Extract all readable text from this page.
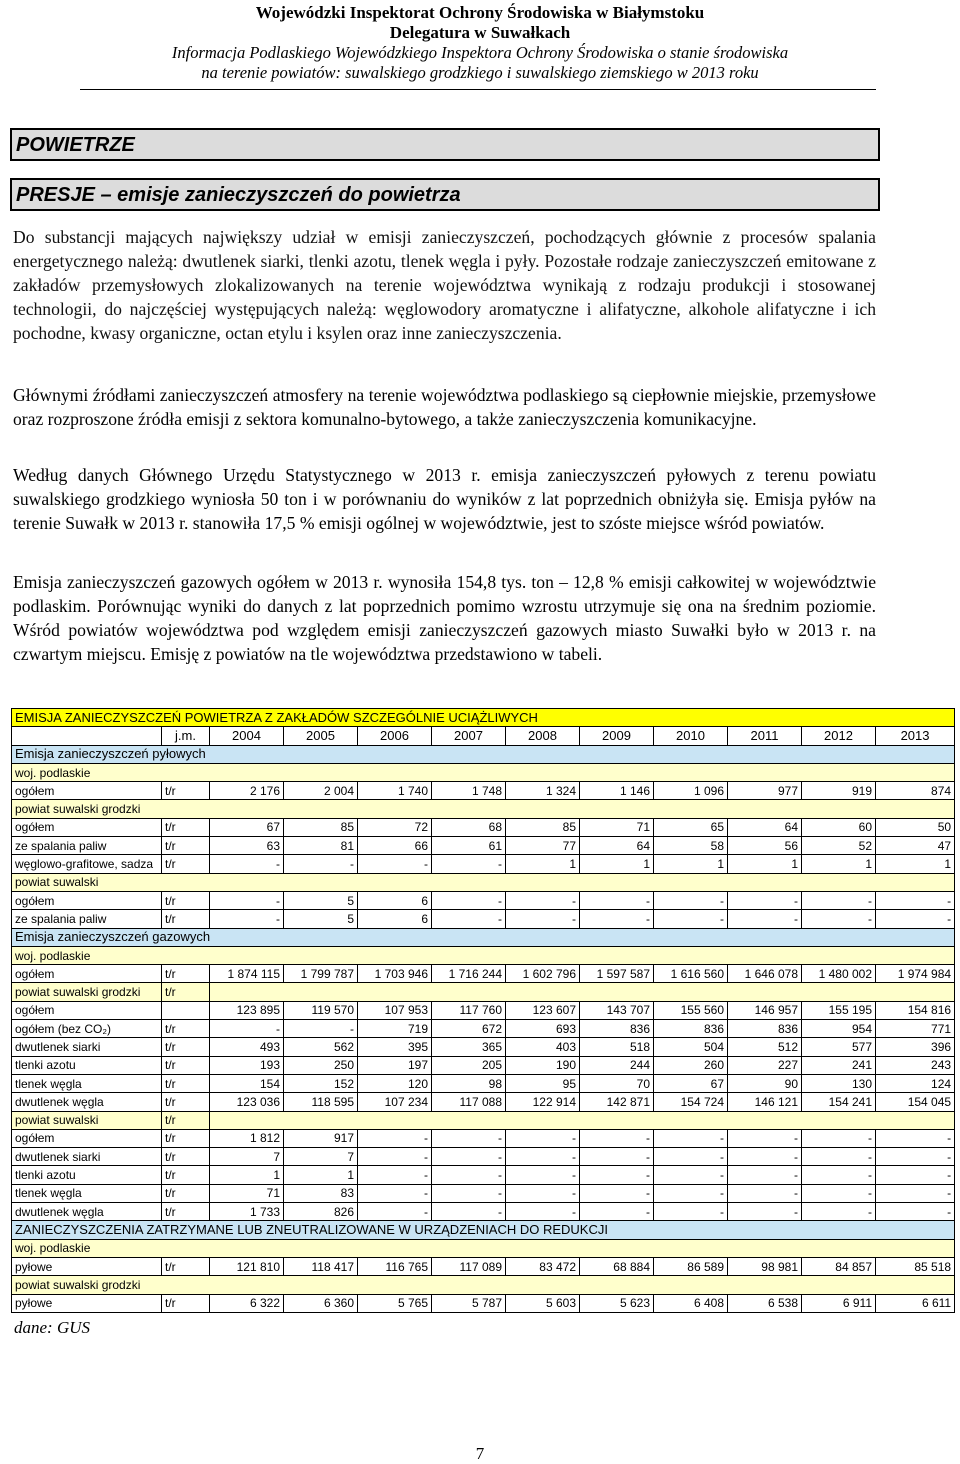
Wojewódzki Inspektorat Ochrony Środowiska w Białymstoku
Delegatura w Suwałkach
Informacja Podlaskiego Wojewódzkiego Inspektora Ochrony Środowiska o stanie środowiska
na terenie powiatów: suwalskiego grodzkiego i suwalskiego ziemskiego w 2013 roku
POWIETRZE
PRESJE – emisje zanieczyszczeń do powietrza

Do substancji mających największy udział w emisji zanieczyszczeń, pochodzących głównie z procesów spalania energetycznego należą: dwutlenek siarki, tlenki azotu, tlenek węgla i pyły. Pozostałe rodzaje zanieczyszczeń emitowane z zakładów przemysłowych zlokalizowanych na terenie województwa wynikają z rodzaju produkcji i stosowanej technologii, do najczęściej występujących należą: węglowodory aromatyczne i alifatyczne, alkohole alifatyczne i ich pochodne, kwasy organiczne, octan etylu i ksylen oraz inne zanieczyszczenia.

Głównymi źródłami zanieczyszczeń atmosfery na terenie województwa podlaskiego są ciepłownie miejskie, przemysłowe oraz rozproszone źródła emisji z sektora komunalno-bytowego, a także zanieczyszczenia komunikacyjne.

Według danych Głównego Urzędu Statystycznego w 2013 r. emisja zanieczyszczeń pyłowych z terenu powiatu suwalskiego grodzkiego wyniosła 50 ton i w porównaniu do wyników z lat poprzednich obniżyła się. Emisja pyłów na terenie Suwałk w 2013 r. stanowiła 17,5 % emisji ogólnej w województwie, jest to szóste miejsce wśród powiatów.

Emisja zanieczyszczeń gazowych ogółem w 2013 r. wynosiła 154,8 tys. ton – 12,8 % emisji całkowitej w województwie podlaskim. Porównując wyniki do danych z lat poprzednich pomimo wzrostu utrzymuje się ona na średnim poziomie. Wśród powiatów województwa pod względem emisji zanieczyszczeń gazowych miasto Suwałki było w 2013 r. na czwartym miejscu. Emisję z powiatów na tle województwa przedstawiono w tabeli.

EMISJA ZANIECZYSZCZEŃ POWIETRZA Z ZAKŁADÓW SZCZEGÓLNIE UCIĄŻLIWYCH											
	j.m.	2004	2005	2006	2007	2008	2009	2010	2011	2012	2013
Emisja zanieczyszczeń pyłowych											
woj. podlaskie											
ogółem	t/r	2 176	2 004	1 740	1 748	1 324	1 146	1 096	977	919	874
powiat suwalski grodzki											
ogółem	t/r	67	85	72	68	85	71	65	64	60	50
ze spalania paliw	t/r	63	81	66	61	77	64	58	56	52	47
węglowo-grafitowe, sadza	t/r	-	-	-	-	1	1	1	1	1	1
powiat suwalski											
ogółem	t/r	-	5	6	-	-	-	-	-	-	-
ze spalania paliw	t/r	-	5	6	-	-	-	-	-	-	-
Emisja zanieczyszczeń gazowych											
woj. podlaskie											
ogółem	t/r	1 874 115	1 799 787	1 703 946	1 716 244	1 602 796	1 597 587	1 616 560	1 646 078	1 480 002	1 974 984
powiat suwalski grodzki	t/r										
ogółem		123 895	119 570	107 953	117 760	123 607	143 707	155 560	146 957	155 195	154 816
ogółem (bez CO₂)	t/r	-	-	719	672	693	836	836	836	954	771
dwutlenek siarki	t/r	493	562	395	365	403	518	504	512	577	396
tlenki azotu	t/r	193	250	197	205	190	244	260	227	241	243
tlenek węgla	t/r	154	152	120	98	95	70	67	90	130	124
dwutlenek węgla	t/r	123 036	118 595	107 234	117 088	122 914	142 871	154 724	146 121	154 241	154 045
powiat suwalski	t/r										
ogółem	t/r	1 812	917	-	-	-	-	-	-	-	-
dwutlenek siarki	t/r	7	7	-	-	-	-	-	-	-	-
tlenki azotu	t/r	1	1	-	-	-	-	-	-	-	-
tlenek węgla	t/r	71	83	-	-	-	-	-	-	-	-
dwutlenek węgla	t/r	1 733	826	-	-	-	-	-	-	-	-
ZANIECZYSZCZENIA ZATRZYMANE LUB ZNEUTRALIZOWANE W URZĄDZENIACH DO REDUKCJI											
woj. podlaskie											
pyłowe	t/r	121 810	118 417	116 765	117 089	83 472	68 884	86 589	98 981	84 857	85 518
powiat suwalski grodzki											
pyłowe	t/r	6 322	6 360	5 765	5 787	5 603	5 623	6 408	6 538	6 911	6 611
dane: GUS
7
